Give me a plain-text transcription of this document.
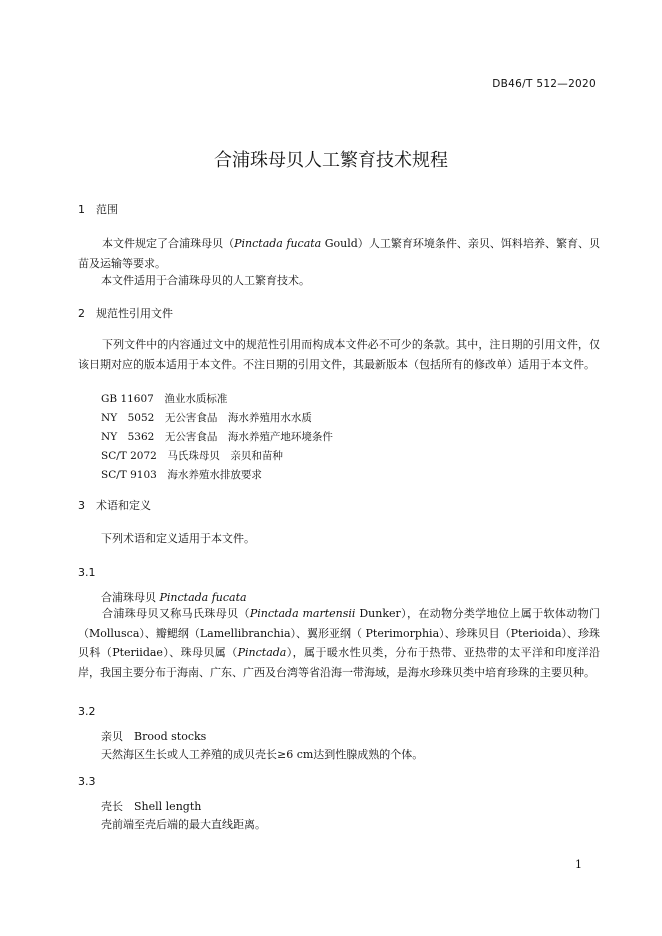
DB46/T 512—2020
合浦珠母贝人工繁育技术规程
1 范围
本文件规定了合浦珠母贝（Pinctada fucata Gould）人工繁育环境条件、亲贝、饵料培养、繁育、贝苗及运输等要求。
本文件适用于合浦珠母贝的人工繁育技术。
2 规范性引用文件
下列文件中的内容通过文中的规范性引用而构成本文件必不可少的条款。其中，注日期的引用文件，仅该日期对应的版本适用于本文件。不注日期的引用文件，其最新版本（包括所有的修改单）适用于本文件。
GB 11607　渔业水质标准
NY　5052　无公害食品　海水养殖用水水质
NY　5362　无公害食品　海水养殖产地环境条件
SC/T 2072　马氏珠母贝　亲贝和苗种
SC/T 9103　海水养殖水排放要求
3 术语和定义
下列术语和定义适用于本文件。
3.1
合浦珠母贝 Pinctada fucata
合浦珠母贝又称马氏珠母贝（Pinctada martensii Dunker），在动物分类学地位上属于软体动物门（Mollusca）、瓣鳃纲（Lamellibranchia）、翼形亚纲（ Pterimorphia）、珍珠贝目（Pterioida）、珍珠贝科（Pteriidae）、珠母贝属（Pinctada），属于暖水性贝类，分布于热带、亚热带的太平洋和印度洋沿岸，我国主要分布于海南、广东、广西及台湾等省沿海一带海域，是海水珍珠贝类中培育珍珠的主要贝种。
3.2
亲贝　 Brood stocks
天然海区生长或人工养殖的成贝壳长≥6 cm达到性腺成熟的个体。
3.3
壳长　 Shell length
壳前端至壳后端的最大直线距离。
1
